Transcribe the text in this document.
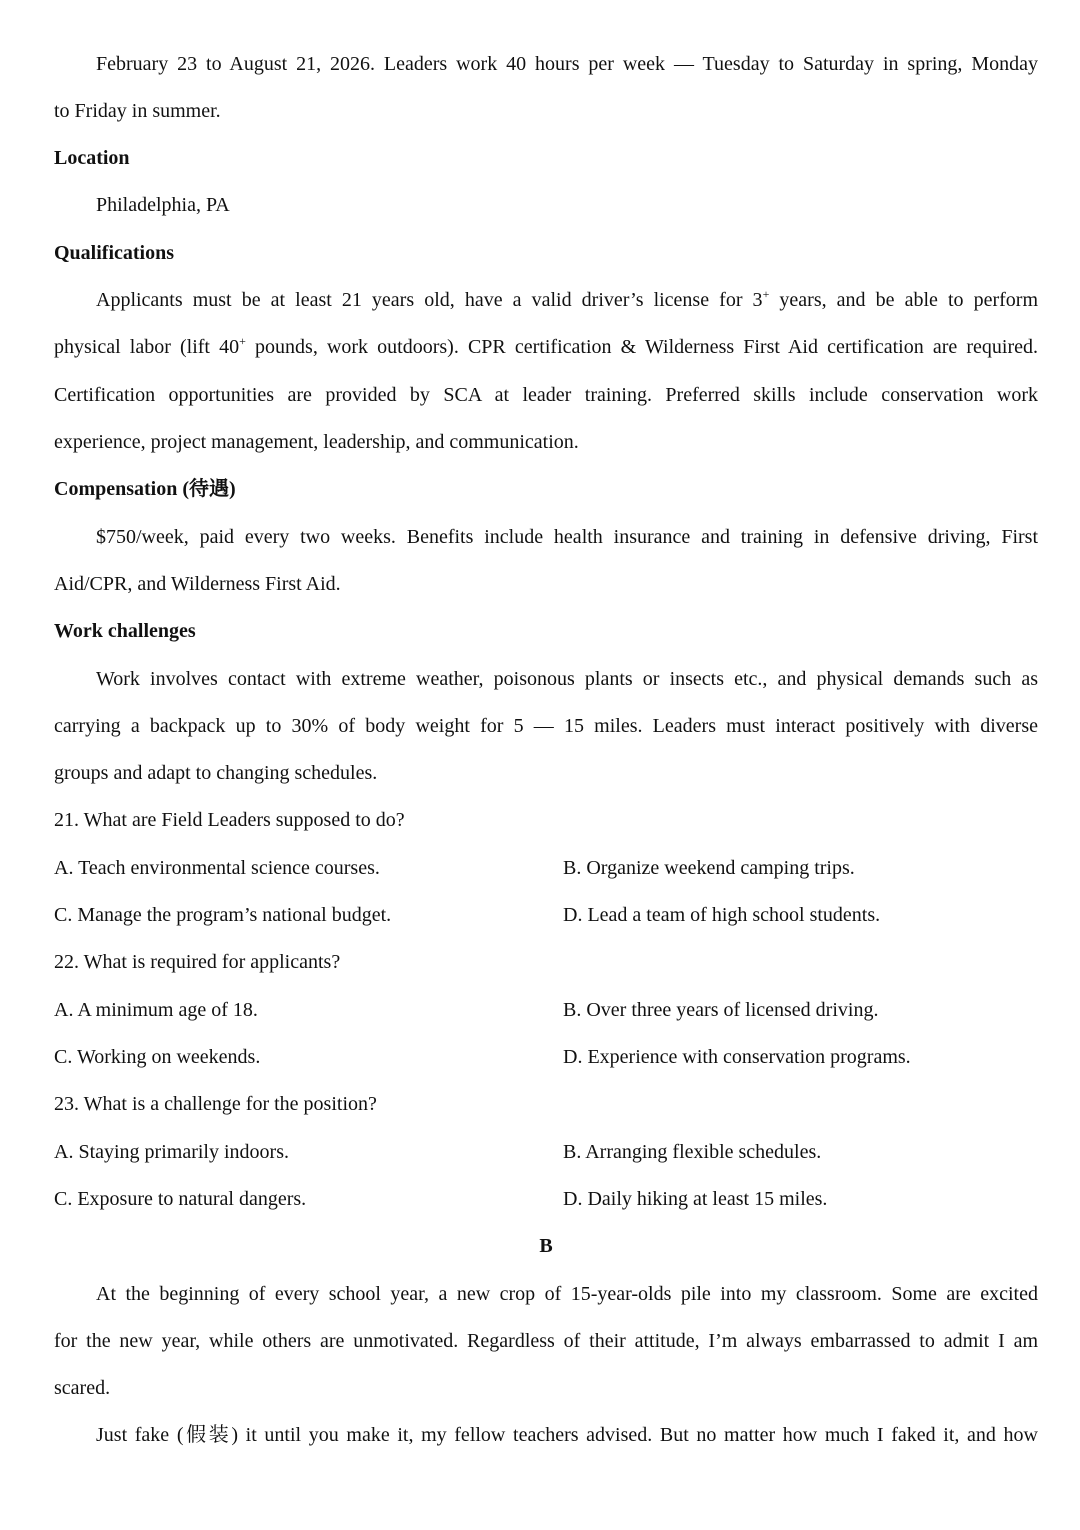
February 23 to August 21, 2026. Leaders work 40 hours per week — Tuesday to Saturday in spring, Monday
to Friday in summer.
Location
Philadelphia, PA
Qualifications
Applicants must be at least 21 years old, have a valid driver’s license for 3+ years, and be able to perform
physical labor (lift 40+ pounds, work outdoors). CPR certification & Wilderness First Aid certification are required.
Certification opportunities are provided by SCA at leader training. Preferred skills include conservation work
experience, project management, leadership, and communication.
Compensation (待遇)
$750/week, paid every two weeks. Benefits include health insurance and training in defensive driving, First
Aid/CPR, and Wilderness First Aid.
Work challenges
Work involves contact with extreme weather, poisonous plants or insects etc., and physical demands such as
carrying a backpack up to 30% of body weight for 5 — 15 miles. Leaders must interact positively with diverse
groups and adapt to changing schedules.
21. What are Field Leaders supposed to do?
A. Teach environmental science courses.	B. Organize weekend camping trips.
C. Manage the program’s national budget.	D. Lead a team of high school students.
22. What is required for applicants?
A. A minimum age of 18.	B. Over three years of licensed driving.
C. Working on weekends.	D. Experience with conservation programs.
23. What is a challenge for the position?
A. Staying primarily indoors.	B. Arranging flexible schedules.
C. Exposure to natural dangers.	D. Daily hiking at least 15 miles.
B
At the beginning of every school year, a new crop of 15-year-olds pile into my classroom. Some are excited
for the new year, while others are unmotivated. Regardless of their attitude, I’m always embarrassed to admit I am
scared.
Just fake (假装) it until you make it, my fellow teachers advised. But no matter how much I faked it, and how
